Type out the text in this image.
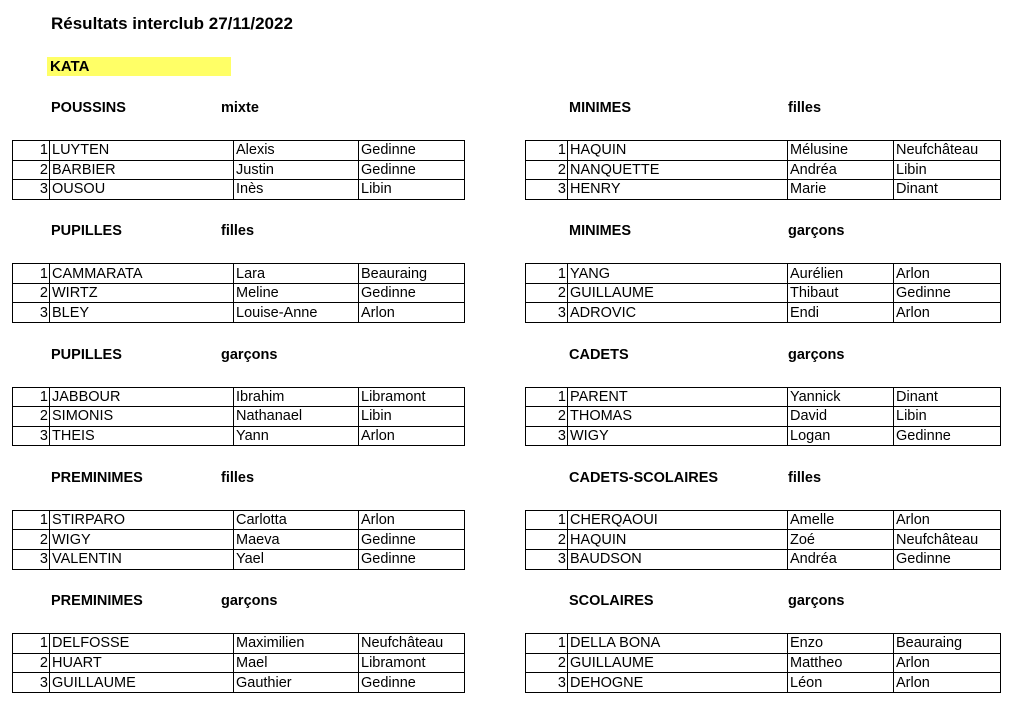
Résultats interclub 27/11/2022
KATA
POUSSINS	mixte
1	LUYTEN	Alexis	Gedinne
2	BARBIER	Justin	Gedinne
3	OUSOU	Inès	Libin
PUPILLES	filles
1	CAMMARATA	Lara	Beauraing
2	WIRTZ	Meline	Gedinne
3	BLEY	Louise-Anne	Arlon
PUPILLES	garçons
1	JABBOUR	Ibrahim	Libramont
2	SIMONIS	Nathanael	Libin
3	THEIS	Yann	Arlon
PREMINIMES	filles
1	STIRPARO	Carlotta	Arlon
2	WIGY	Maeva	Gedinne
3	VALENTIN	Yael	Gedinne
PREMINIMES	garçons
1	DELFOSSE	Maximilien	Neufchâteau
2	HUART	Mael	Libramont
3	GUILLAUME	Gauthier	Gedinne
MINIMES	filles
1	HAQUIN	Mélusine	Neufchâteau
2	NANQUETTE	Andréa	Libin
3	HENRY	Marie	Dinant
MINIMES	garçons
1	YANG	Aurélien	Arlon
2	GUILLAUME	Thibaut	Gedinne
3	ADROVIC	Endi	Arlon
CADETS	garçons
1	PARENT	Yannick	Dinant
2	THOMAS	David	Libin
3	WIGY	Logan	Gedinne
CADETS-SCOLAIRES	filles
1	CHERQAOUI	Amelle	Arlon
2	HAQUIN	Zoé	Neufchâteau
3	BAUDSON	Andréa	Gedinne
SCOLAIRES	garçons
1	DELLA BONA	Enzo	Beauraing
2	GUILLAUME	Mattheo	Arlon
3	DEHOGNE	Léon	Arlon
